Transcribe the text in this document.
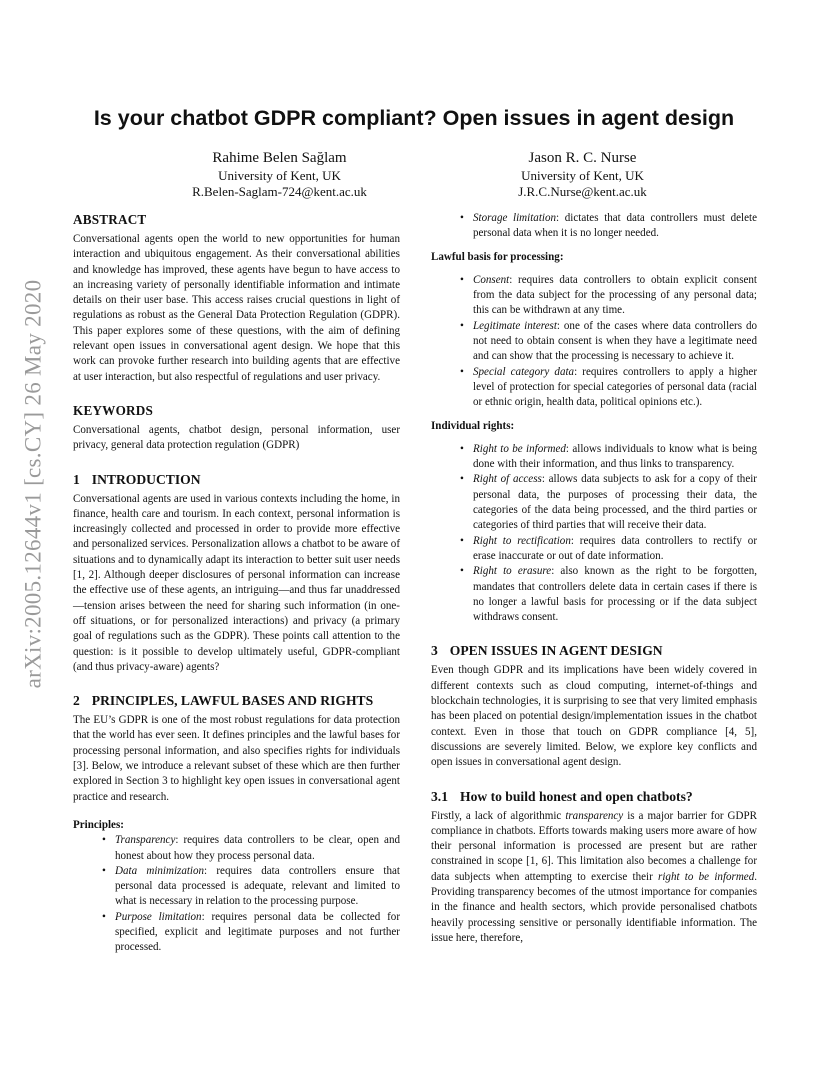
arXiv:2005.12644v1 [cs.CY] 26 May 2020
Is your chatbot GDPR compliant? Open issues in agent design
Rahime Belen Sağlam
University of Kent, UK
R.Belen-Saglam-724@kent.ac.uk
Jason R. C. Nurse
University of Kent, UK
J.R.C.Nurse@kent.ac.uk
ABSTRACT

Conversational agents open the world to new opportunities for human interaction and ubiquitous engagement. As their conversational abilities and knowledge has improved, these agents have begun to have access to an increasing variety of personally identifiable information and intimate details on their user base. This access raises crucial questions in light of regulations as robust as the General Data Protection Regulation (GDPR). This paper explores some of these questions, with the aim of defining relevant open issues in conversational agent design. We hope that this work can provoke further research into building agents that are effective at user interaction, but also respectful of regulations and user privacy.

KEYWORDS

Conversational agents, chatbot design, personal information, user privacy, general data protection regulation (GDPR)

1 INTRODUCTION

Conversational agents are used in various contexts including the home, in finance, health care and tourism. In each context, personal information is increasingly collected and processed in order to provide more effective and personalized services. Personalization allows a chatbot to be aware of situations and to dynamically adapt its interaction to better suit user needs [1, 2]. Although deeper disclosures of personal information can increase the effective use of these agents, an intriguing—and thus far unaddressed—tension arises between the need for sharing such information (in one-off situations, or for personalized interactions) and privacy (a primary goal of regulations such as the GDPR). These points call attention to the question: is it possible to develop ultimately useful, GDPR-compliant (and thus privacy-aware) agents?

2 PRINCIPLES, LAWFUL BASES AND RIGHTS

The EU’s GDPR is one of the most robust regulations for data protection that the world has ever seen. It defines principles and the lawful bases for processing personal information, and also specifies rights for individuals [3]. Below, we introduce a relevant subset of these which are then further explored in Section 3 to highlight key open issues in conversational agent practice and research.

Principles:

• Transparency: requires data controllers to be clear, open and honest about how they process personal data.
• Data minimization: requires data controllers ensure that personal data processed is adequate, relevant and limited to what is necessary in relation to the processing purpose.
• Purpose limitation: requires personal data be collected for specified, explicit and legitimate purposes and not further processed.
• Storage limitation: dictates that data controllers must delete personal data when it is no longer needed.

Lawful basis for processing:

• Consent: requires data controllers to obtain explicit consent from the data subject for the processing of any personal data; this can be withdrawn at any time.
• Legitimate interest: one of the cases where data controllers do not need to obtain consent is when they have a legitimate need and can show that the processing is necessary to achieve it.
• Special category data: requires controllers to apply a higher level of protection for special categories of personal data (racial or ethnic origin, health data, political opinions etc.).

Individual rights:

• Right to be informed: allows individuals to know what is being done with their information, and thus links to transparency.
• Right of access: allows data subjects to ask for a copy of their personal data, the purposes of processing their data, the categories of the data being processed, and the third parties or categories of third parties that will receive their data.
• Right to rectification: requires data controllers to rectify or erase inaccurate or out of date information.
• Right to erasure: also known as the right to be forgotten, mandates that controllers delete data in certain cases if there is no longer a lawful basis for processing or if the data subject withdraws consent.
3 OPEN ISSUES IN AGENT DESIGN

Even though GDPR and its implications have been widely covered in different contexts such as cloud computing, internet-of-things and blockchain technologies, it is surprising to see that very limited emphasis has been placed on potential design/implementation issues in the chatbot context. Even in those that touch on GDPR compliance [4, 5], discussions are severely limited. Below, we explore key conflicts and open issues in conversational agent design.

3.1 How to build honest and open chatbots?

Firstly, a lack of algorithmic transparency is a major barrier for GDPR compliance in chatbots. Efforts towards making users more aware of how their personal information is processed are present but are rather constrained in scope [1, 6]. This limitation also becomes a challenge for data subjects when attempting to exercise their right to be informed. Providing transparency becomes of the utmost importance for companies in the finance and health sectors, which provide personalised chatbots heavily processing sensitive or personally identifiable information. The issue here, therefore,
